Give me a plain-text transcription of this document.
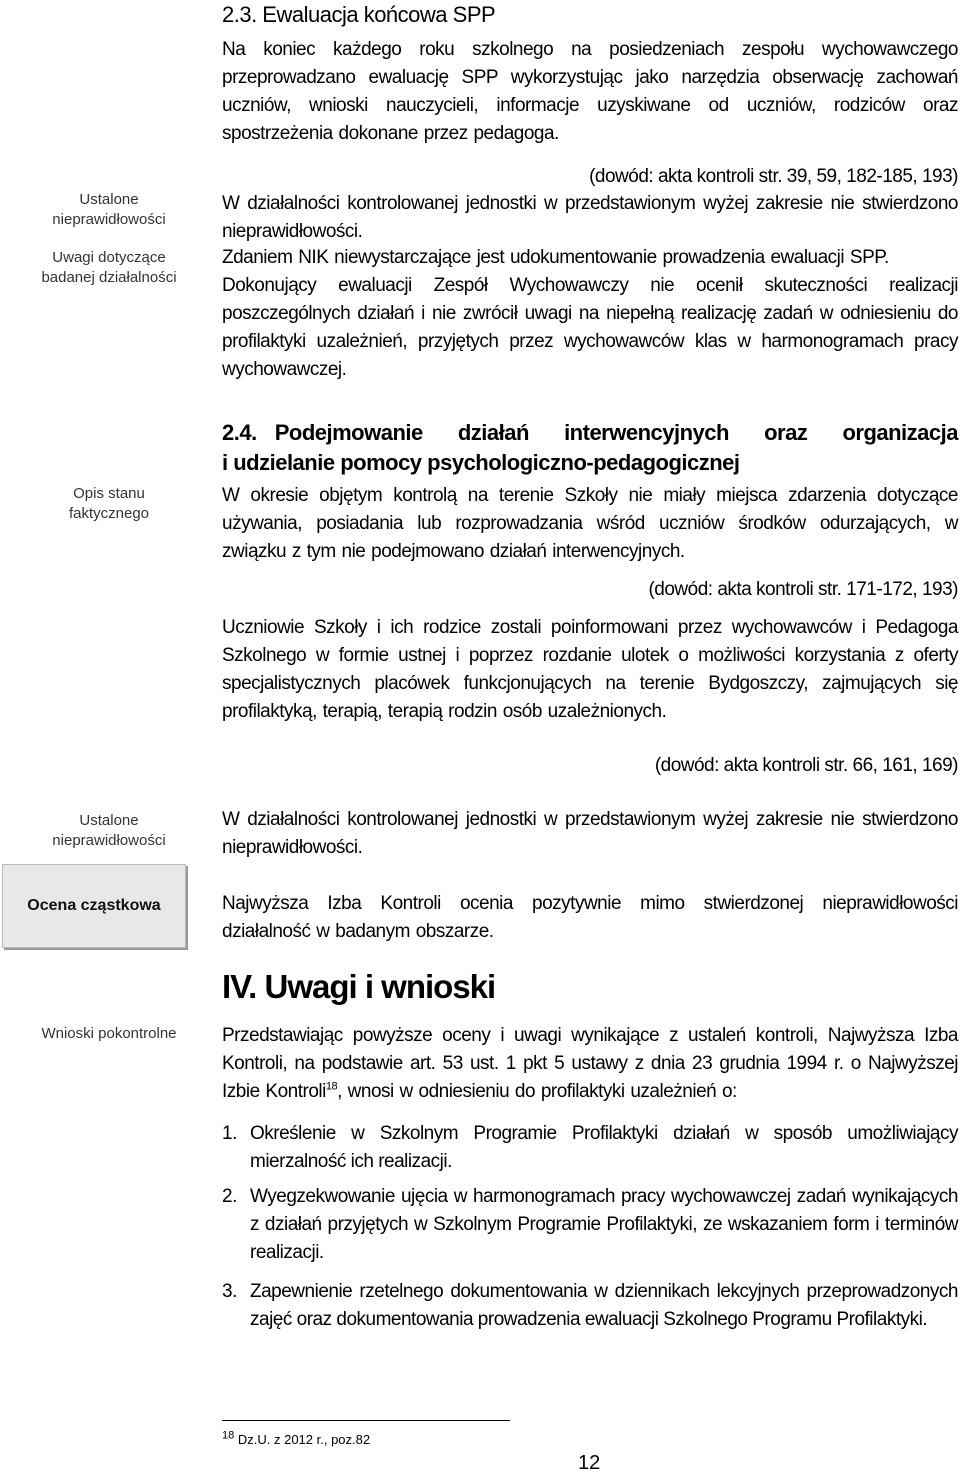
Ustalone
nieprawidłowości
Uwagi dotyczące
badanej działalności
Opis stanu
faktycznego
Ustalone
nieprawidłowości
Ocena cząstkowa
Wnioski pokontrolne
2.3. Ewaluacja końcowa SPP
Na koniec każdego roku szkolnego na posiedzeniach zespołu wychowawczego przeprowadzano ewaluację SPP wykorzystując jako narzędzia obserwację zachowań uczniów, wnioski nauczycieli, informacje uzyskiwane od uczniów, rodziców oraz spostrzeżenia dokonane przez pedagoga.
(dowód: akta kontroli str. 39, 59, 182-185, 193)
W działalności kontrolowanej jednostki w przedstawionym wyżej zakresie nie stwierdzono nieprawidłowości.
Zdaniem NIK niewystarczające jest udokumentowanie prowadzenia ewaluacji SPP.
Dokonujący ewaluacji Zespół Wychowawczy nie ocenił skuteczności realizacji poszczególnych działań i nie zwrócił uwagi na niepełną realizację zadań w odniesieniu do profilaktyki uzależnień, przyjętych przez wychowawców klas w harmonogramach pracy wychowawczej.
2.4. Podejmowanie działań interwencyjnych oraz organizacja
i udzielanie pomocy psychologiczno-pedagogicznej
W okresie objętym kontrolą na terenie Szkoły nie miały miejsca zdarzenia dotyczące używania, posiadania lub rozprowadzania wśród uczniów środków odurzających, w związku z tym nie podejmowano działań interwencyjnych.
(dowód: akta kontroli str. 171-172, 193)
Uczniowie Szkoły i ich rodzice zostali poinformowani przez wychowawców i Pedagoga Szkolnego w formie ustnej i poprzez rozdanie ulotek o możliwości korzystania z oferty specjalistycznych placówek funkcjonujących na terenie Bydgoszczy, zajmujących się profilaktyką, terapią, terapią rodzin osób uzależnionych.
(dowód: akta kontroli str. 66, 161, 169)
W działalności kontrolowanej jednostki w przedstawionym wyżej zakresie nie stwierdzono nieprawidłowości.
Najwyższa Izba Kontroli ocenia pozytywnie mimo stwierdzonej nieprawidłowości działalność w badanym obszarze.
IV. Uwagi i wnioski
Przedstawiając powyższe oceny i uwagi wynikające z ustaleń kontroli, Najwyższa Izba Kontroli, na podstawie art. 53 ust. 1 pkt 5 ustawy z dnia 23 grudnia 1994 r. o Najwyższej Izbie Kontroli$^{18}$, wnosi w odniesieniu do profilaktyki uzależnień o:
1. Określenie w Szkolnym Programie Profilaktyki działań w sposób umożliwiający mierzalność ich realizacji.
2. Wyegzekwowanie ujęcia w harmonogramach pracy wychowawczej zadań wynikających z działań przyjętych w Szkolnym Programie Profilaktyki, ze wskazaniem form i terminów realizacji.
3. Zapewnienie rzetelnego dokumentowania w dziennikach lekcyjnych przeprowadzonych zajęć oraz dokumentowania prowadzenia ewaluacji Szkolnego Programu Profilaktyki.
$^{18}$ Dz.U. z 2012 r., poz.82
12
